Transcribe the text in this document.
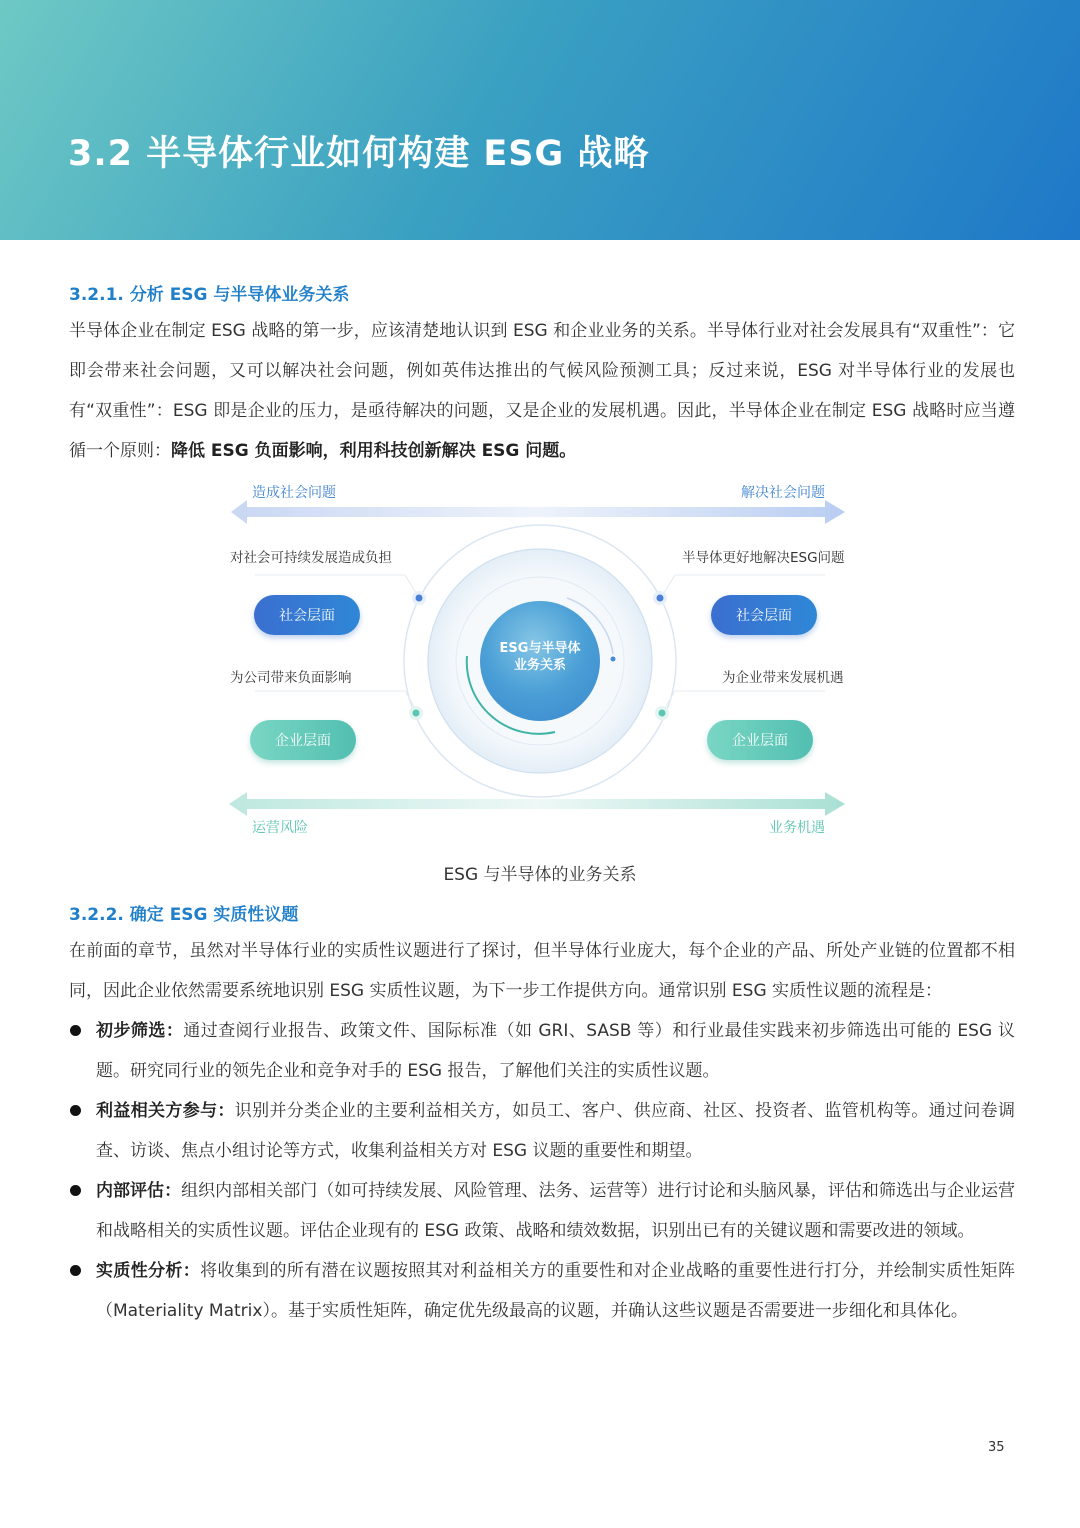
3.2 半导体行业如何构建 ESG 战略
3.2.1. 分析 ESG 与半导体业务关系
半导体企业在制定 ESG 战略的第一步，应该清楚地认识到 ESG 和企业业务的关系。半导体行业对社会发展具有“双重性”：它即会带来社会问题，又可以解决社会问题，例如英伟达推出的气候风险预测工具；反过来说，ESG 对半导体行业的发展也有“双重性”：ESG 即是企业的压力，是亟待解决的问题，又是企业的发展机遇。因此，半导体企业在制定 ESG 战略时应当遵循一个原则：降低 ESG 负面影响，利用科技创新解决 ESG 问题。
造成社会问题	解决社会问题
对社会可持续发展造成负担	半导体更好地解决ESG问题
社会层面	社会层面
为公司带来负面影响	为企业带来发展机遇
企业层面	企业层面
ESG与半导体
业务关系
运营风险	业务机遇
ESG 与半导体的业务关系
3.2.2. 确定 ESG 实质性议题
在前面的章节，虽然对半导体行业的实质性议题进行了探讨，但半导体行业庞大，每个企业的产品、所处产业链的位置都不相同，因此企业依然需要系统地识别 ESG 实质性议题，为下一步工作提供方向。通常识别 ESG 实质性议题的流程是：
初步筛选：通过查阅行业报告、政策文件、国际标准（如 GRI、SASB 等）和行业最佳实践来初步筛选出可能的 ESG 议题。研究同行业的领先企业和竞争对手的 ESG 报告，了解他们关注的实质性议题。
利益相关方参与：识别并分类企业的主要利益相关方，如员工、客户、供应商、社区、投资者、监管机构等。通过问卷调查、访谈、焦点小组讨论等方式，收集利益相关方对 ESG 议题的重要性和期望。
内部评估：组织内部相关部门（如可持续发展、风险管理、法务、运营等）进行讨论和头脑风暴，评估和筛选出与企业运营和战略相关的实质性议题。评估企业现有的 ESG 政策、战略和绩效数据，识别出已有的关键议题和需要改进的领域。
实质性分析：将收集到的所有潜在议题按照其对利益相关方的重要性和对企业战略的重要性进行打分，并绘制实质性矩阵（Materiality Matrix）。基于实质性矩阵，确定优先级最高的议题，并确认这些议题是否需要进一步细化和具体化。
35
